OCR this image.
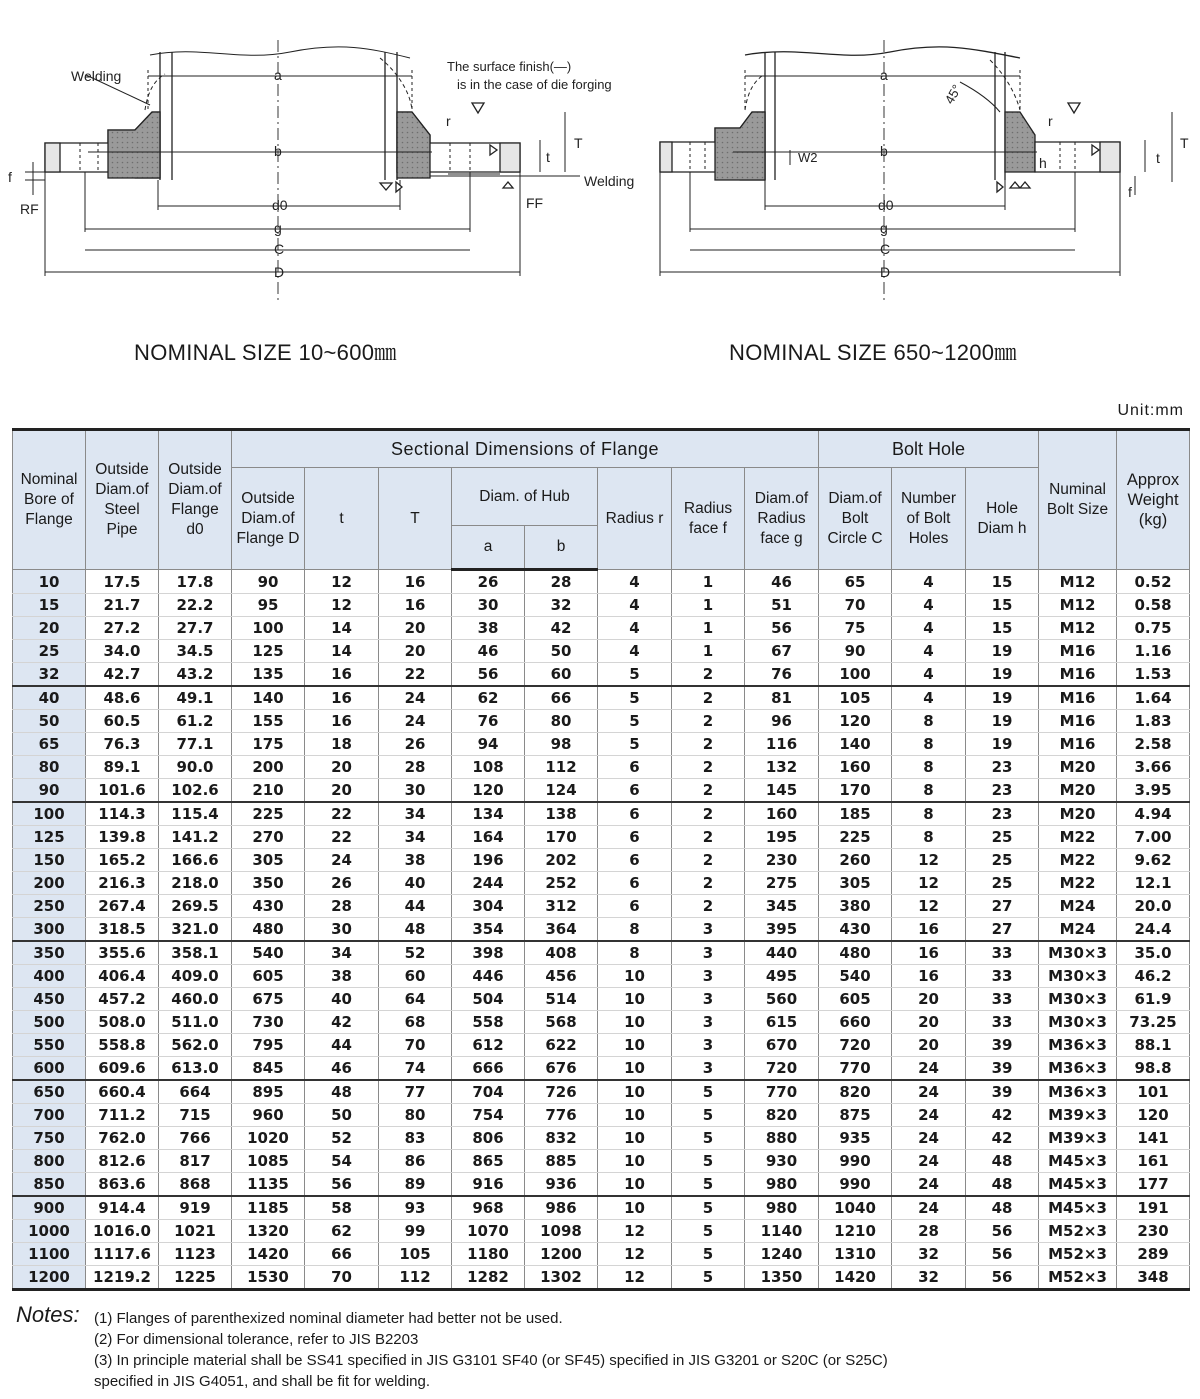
Welding
RF	FF
Welding
The surface finish(—)
is in the case of die forging
a
b
r
t
T
f
d0
g
C
D
a
b
W2	h
r
t
T
f
d0
g
C
D
45°
NOMINAL SIZE 10~600㎜	NOMINAL SIZE 650~1200㎜
Unit:mm
Nominal Bore of Flange	Outside Diam.of Steel Pipe	Outside Diam.of Flange d0	Sectional Dimensions of Flange								Bolt Hole			Numinal Bolt Size	Approx Weight (kg)
			Outside Diam.of Flange D	t	T	Diam. of Hub		Radius r	Radius face f	Diam.of Radius face g	Diam.of Bolt Circle C	Number of Bolt Holes	Hole Diam h		
						a	b								
10	17.5	17.8	90	12	16	26	28	4	1	46	65	4	15	M12	0.52
15	21.7	22.2	95	12	16	30	32	4	1	51	70	4	15	M12	0.58
20	27.2	27.7	100	14	20	38	42	4	1	56	75	4	15	M12	0.75
25	34.0	34.5	125	14	20	46	50	4	1	67	90	4	19	M16	1.16
32	42.7	43.2	135	16	22	56	60	5	2	76	100	4	19	M16	1.53
40	48.6	49.1	140	16	24	62	66	5	2	81	105	4	19	M16	1.64
50	60.5	61.2	155	16	24	76	80	5	2	96	120	8	19	M16	1.83
65	76.3	77.1	175	18	26	94	98	5	2	116	140	8	19	M16	2.58
80	89.1	90.0	200	20	28	108	112	6	2	132	160	8	23	M20	3.66
90	101.6	102.6	210	20	30	120	124	6	2	145	170	8	23	M20	3.95
100	114.3	115.4	225	22	34	134	138	6	2	160	185	8	23	M20	4.94
125	139.8	141.2	270	22	34	164	170	6	2	195	225	8	25	M22	7.00
150	165.2	166.6	305	24	38	196	202	6	2	230	260	12	25	M22	9.62
200	216.3	218.0	350	26	40	244	252	6	2	275	305	12	25	M22	12.1
250	267.4	269.5	430	28	44	304	312	6	2	345	380	12	27	M24	20.0
300	318.5	321.0	480	30	48	354	364	8	3	395	430	16	27	M24	24.4
350	355.6	358.1	540	34	52	398	408	8	3	440	480	16	33	M30×3	35.0
400	406.4	409.0	605	38	60	446	456	10	3	495	540	16	33	M30×3	46.2
450	457.2	460.0	675	40	64	504	514	10	3	560	605	20	33	M30×3	61.9
500	508.0	511.0	730	42	68	558	568	10	3	615	660	20	33	M30×3	73.25
550	558.8	562.0	795	44	70	612	622	10	3	670	720	20	39	M36×3	88.1
600	609.6	613.0	845	46	74	666	676	10	3	720	770	24	39	M36×3	98.8
650	660.4	664	895	48	77	704	726	10	5	770	820	24	39	M36×3	101
700	711.2	715	960	50	80	754	776	10	5	820	875	24	42	M39×3	120
750	762.0	766	1020	52	83	806	832	10	5	880	935	24	42	M39×3	141
800	812.6	817	1085	54	86	865	885	10	5	930	990	24	48	M45×3	161
850	863.6	868	1135	56	89	916	936	10	5	980	990	24	48	M45×3	177
900	914.4	919	1185	58	93	968	986	10	5	980	1040	24	48	M45×3	191
1000	1016.0	1021	1320	62	99	1070	1098	12	5	1140	1210	28	56	M52×3	230
1100	1117.6	1123	1420	66	105	1180	1200	12	5	1240	1310	32	56	M52×3	289
1200	1219.2	1225	1530	70	112	1282	1302	12	5	1350	1420	32	56	M52×3	348
Notes: (1) Flanges of parenthexized nominal diameter had better not be used.
(2) For dimensional tolerance, refer to JIS B2203
(3) In principle material shall be SS41 specified in JIS G3101 SF40 (or SF45) specified in JIS G3201 or S20C (or S25C)
specified in JIS G4051, and shall be fit for welding.
